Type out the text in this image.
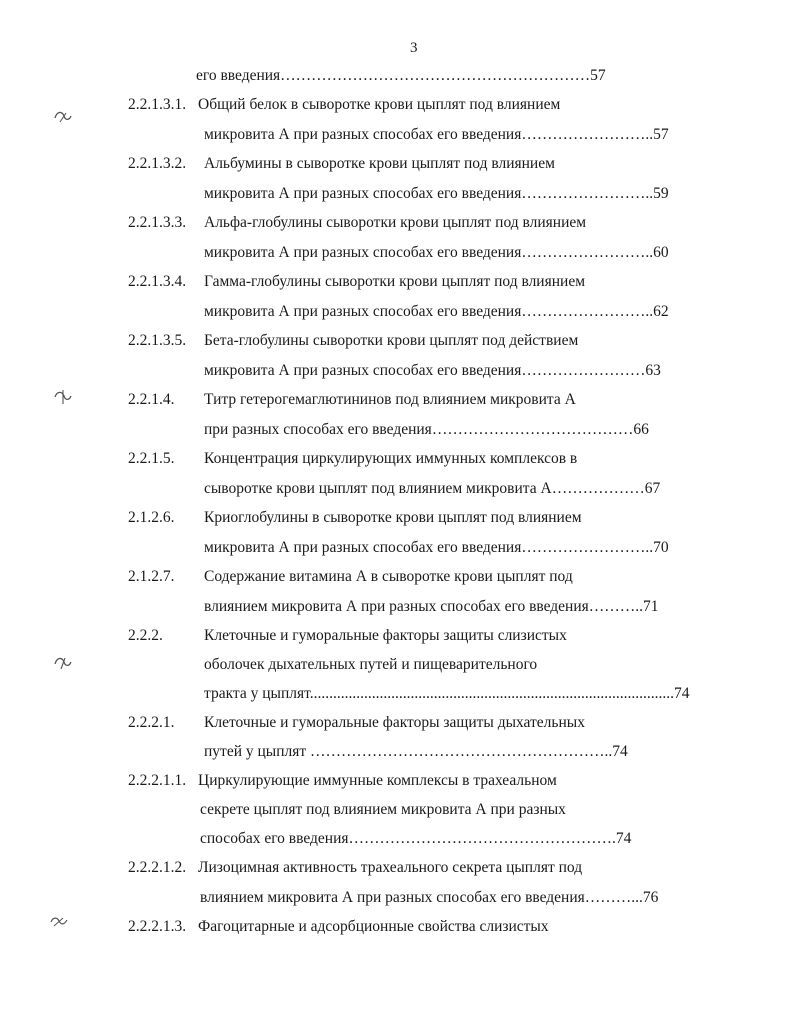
3
его введения……………………………………………………57
2.2.1.3.1. Общий белок в сыворотке крови цыплят под влиянием
микровита А при разных способах его введения……………………..57
2.2.1.3.2. Альбумины в сыворотке крови цыплят под влиянием
микровита А при разных способах его введения……………………..59
2.2.1.3.3. Альфа-глобулины сыворотки крови цыплят под влиянием
микровита А при разных способах его введения……………………..60
2.2.1.3.4. Гамма-глобулины сыворотки крови цыплят под влиянием
микровита А при разных способах его введения……………………..62
2.2.1.3.5. Бета-глобулины сыворотки крови цыплят под действием
микровита А при разных способах его введения……………………63
2.2.1.4. Титр гетерогемаглютининов под влиянием микровита А
при разных способах его введения…………………………………66
2.2.1.5. Концентрация циркулирующих иммунных комплексов в
сыворотке крови цыплят под влиянием микровита А………………67
2.1.2.6. Криоглобулины в сыворотке крови цыплят под влиянием
микровита А при разных способах его введения……………………..70
2.1.2.7. Содержание витамина А в сыворотке крови цыплят под
влиянием микровита А при разных способах его введения………..71
2.2.2.	Клеточные и гуморальные факторы защиты слизистых
оболочек дыхательных путей и пищеварительного
тракта у цыплят..............................................................................................74
2.2.2.1. Клеточные и гуморальные факторы защиты дыхательных
путей у цыплят …………………………………………………..74
2.2.2.1.1. Циркулирующие иммунные комплексы в трахеальном
секрете цыплят под влиянием микровита А при разных
способах его введения…………………………………………….74
2.2.2.1.2. Лизоцимная активность трахеального секрета цыплят под
влиянием микровита А при разных способах его введения………...76
2.2.2.1.3. Фагоцитарные и адсорбционные свойства слизистых
